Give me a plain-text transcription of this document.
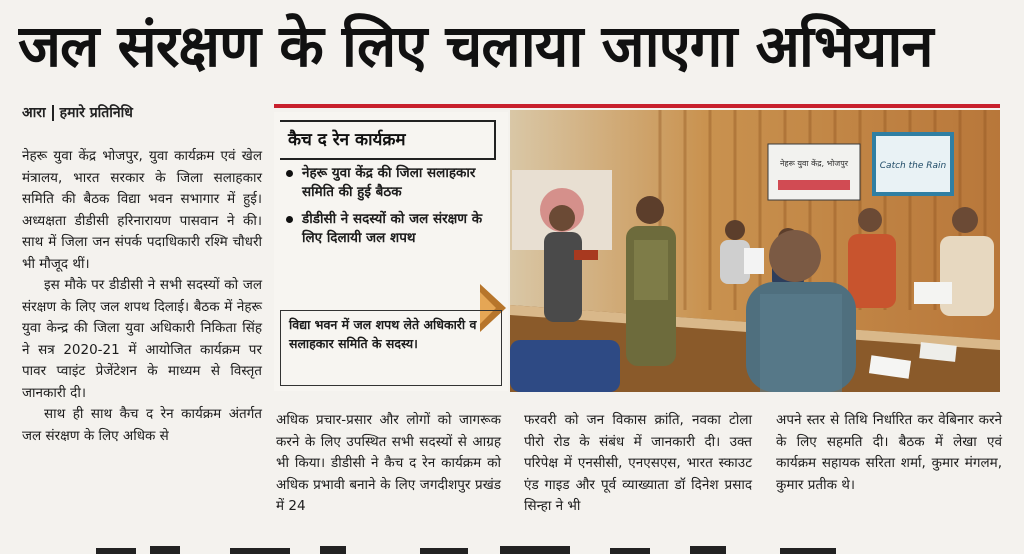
जल संरक्षण के लिए चलाया जाएगा अभियान
आरा हमारे प्रतिनिधि

नेहरू युवा केंद्र भोजपुर, युवा कार्यक्रम एवं खेल मंत्रालय, भारत सरकार के जिला सलाहकार समिति की बैठक विद्या भवन सभागार में हुई। अध्यक्षता डीडीसी हरिनारायण पासवान ने की। साथ में जिला जन संपर्क पदाधिकारी रश्मि चौधरी भी मौजूद थीं।

इस मौके पर डीडीसी ने सभी सदस्यों को जल संरक्षण के लिए जल शपथ दिलाई। बैठक में नेहरू युवा केन्द्र की जिला युवा अधिकारी निकिता सिंह ने सत्र 2020-21 में आयोजित कार्यक्रम पर पावर प्वाइंट प्रेजेंटेशन के माध्यम से विस्तृत जानकारी दी।

साथ ही साथ कैच द रेन कार्यक्रम अंतर्गत जल संरक्षण के लिए अधिक से

कैच द रेन कार्यक्रम
नेहरू युवा केंद्र की जिला सलाहकार समिति की हुई बैठक
डीडीसी ने सदस्यों को जल संरक्षण के लिए दिलायी जल शपथ
विद्या भवन में जल शपथ लेते अधिकारी व सलाहकार समिति के सदस्य।
नेहरू युवा केंद्र, भोजपुर	Catch the Rain

अधिक प्रचार-प्रसार और लोगों को जागरूक करने के लिए उपस्थित सभी सदस्यों से आग्रह भी किया। डीडीसी ने कैच द रेन कार्यक्रम को अधिक प्रभावी बनाने के लिए जगदीशपुर प्रखंड में 24

फरवरी को जन विकास क्रांति, नवका टोला पीरो रोड के संबंध में जानकारी दी। उक्त परिपेक्ष में एनसीसी, एनएसएस, भारत स्काउट एंड गाइड और पूर्व व्याख्याता डॉ दिनेश प्रसाद सिन्हा ने भी

अपने स्तर से तिथि निर्धारित कर वेबिनार करने के लिए सहमति दी। बैठक में लेखा एवं कार्यक्रम सहायक सरिता शर्मा, कुमार मंगलम, कुमार प्रतीक थे।
